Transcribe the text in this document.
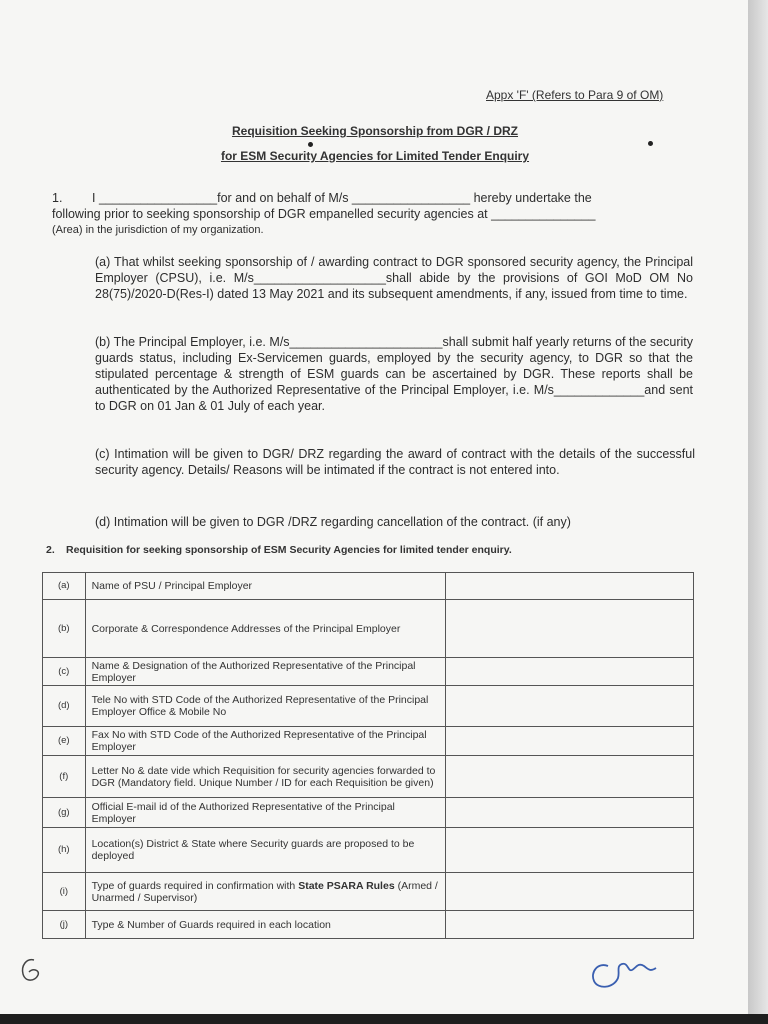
Appx 'F' (Refers to Para 9 of OM)
Requisition Seeking Sponsorship from DGR / DRZ
for ESM Security Agencies for Limited Tender Enquiry
1. I _________________for and on behalf of M/s _________________ hereby undertake the
following prior to seeking sponsorship of DGR empanelled security agencies at _______________
(Area) in the jurisdiction of my organization.
(a) That whilst seeking sponsorship of / awarding contract to DGR sponsored security agency, the Principal Employer (CPSU), i.e. M/s___________________shall abide by the provisions of GOI MoD OM No 28(75)/2020-D(Res-I) dated 13 May 2021 and its subsequent amendments, if any, issued from time to time.
(b) The Principal Employer, i.e. M/s______________________shall submit half yearly returns of the security guards status, including Ex-Servicemen guards, employed by the security agency, to DGR so that the stipulated percentage & strength of ESM guards can be ascertained by DGR. These reports shall be authenticated by the Authorized Representative of the Principal Employer, i.e. M/s_____________and sent to DGR on 01 Jan & 01 July of each year.
(c) Intimation will be given to DGR/ DRZ regarding the award of contract with the details of the successful security agency. Details/ Reasons will be intimated if the contract is not entered into.
(d) Intimation will be given to DGR /DRZ regarding cancellation of the contract. (if any)
2. Requisition for seeking sponsorship of ESM Security Agencies for limited tender enquiry.
(a)	Name of PSU / Principal Employer	
(b)	Corporate & Correspondence Addresses of the Principal Employer	
(c)	Name & Designation of the Authorized Representative of the Principal Employer	
(d)	Tele No with STD Code of the Authorized Representative of the Principal Employer Office & Mobile No	
(e)	Fax No with STD Code of the Authorized Representative of the Principal Employer	
(f)	Letter No & date vide which Requisition for security agencies forwarded to DGR (Mandatory field. Unique Number / ID for each Requisition be given)	
(g)	Official E-mail id of the Authorized Representative of the Principal Employer	
(h)	Location(s) District & State where Security guards are proposed to be deployed	
(i)	Type of guards required in confirmation with State PSARA Rules (Armed / Unarmed / Supervisor)	
(j)	Type & Number of Guards required in each location	
